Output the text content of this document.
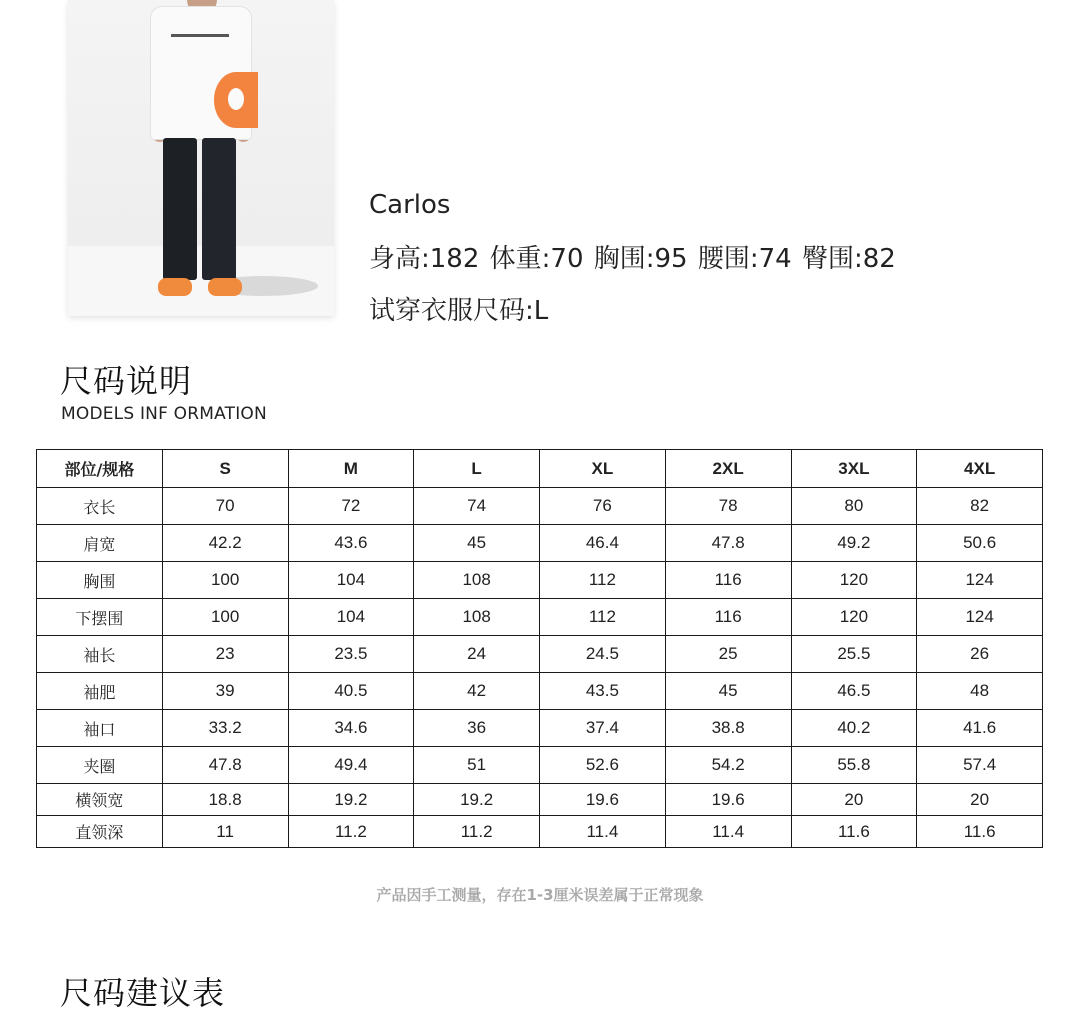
Carlos
身高:182 体重:70 胸围:95 腰围:74 臀围:82
试穿衣服尺码:L
尺码说明
MODELS INF ORMATION
部位/规格	S	M	L	XL	2XL	3XL	4XL
衣长	70	72	74	76	78	80	82
肩宽	42.2	43.6	45	46.4	47.8	49.2	50.6
胸围	100	104	108	112	116	120	124
下摆围	100	104	108	112	116	120	124
袖长	23	23.5	24	24.5	25	25.5	26
袖肥	39	40.5	42	43.5	45	46.5	48
袖口	33.2	34.6	36	37.4	38.8	40.2	41.6
夹圈	47.8	49.4	51	52.6	54.2	55.8	57.4
横领宽	18.8	19.2	19.2	19.6	19.6	20	20
直领深	11	11.2	11.2	11.4	11.4	11.6	11.6
产品因手工测量，存在1-3厘米误差属于正常现象
尺码建议表
